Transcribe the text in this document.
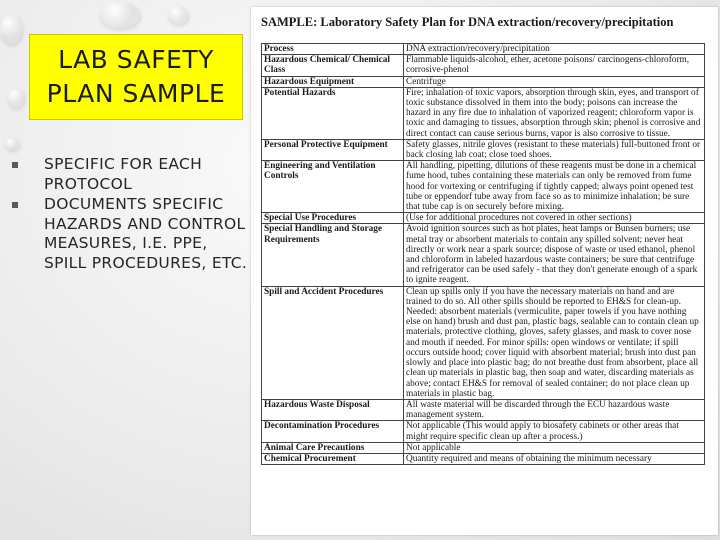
LAB SAFETY
PLAN SAMPLE
SPECIFIC FOR EACH PROTOCOL
DOCUMENTS SPECIFIC HAZARDS AND CONTROL MEASURES, I.E. PPE, SPILL PROCEDURES, ETC.
SAMPLE: Laboratory Safety Plan for DNA extraction/recovery/precipitation
Process	DNA extraction/recovery/precipitation
Hazardous Chemical/ Chemical Class	Flammable liquids-alcohol, ether, acetone poisons/ carcinogens-chloroform, corrosive-phenol
Hazardous Equipment	Centrifuge
Potential Hazards	Fire; inhalation of toxic vapors, absorption through skin, eyes, and transport of toxic substance dissolved in them into the body; poisons can increase the hazard in any fire due to inhalation of vaporized reagent; chloroform vapor is toxic and damaging to tissues, absorption through skin; phenol is corrosive and direct contact can cause serious burns, vapor is also corrosive to tissue.
Personal Protective Equipment	Safety glasses, nitrile gloves (resistant to these materials) full-buttoned front or back closing lab coat; close toed shoes.
Engineering and Ventilation Controls	All handling, pipetting, dilutions of these reagents must be done in a chemical fume hood, tubes containing these materials can only be removed from fume hood for vortexing or centrifuging if tightly capped; always point opened test tube or eppendorf tube away from face so as to minimize inhalation; be sure that tube cap is on securely before mixing.
Special Use Procedures	(Use for additional procedures not covered in other sections)
Special Handling and Storage Requirements	Avoid ignition sources such as hot plates, heat lamps or Bunsen burners; use metal tray or absorbent materials to contain any spilled solvent; never heat directly or work near a spark source; dispose of waste or used ethanol, phenol and chloroform in labeled hazardous waste containers; be sure that centrifuge and refrigerator can be used safely - that they don't generate enough of a spark to ignite reagent.
Spill and Accident Procedures	Clean up spills only if you have the necessary materials on hand and are trained to do so. All other spills should be reported to EH&S for clean-up. Needed: absorbent materials (vermiculite, paper towels if you have nothing else on hand) brush and dust pan, plastic bags, sealable can to contain clean up materials, protective clothing, gloves, safety glasses, and mask to cover nose and mouth if needed. For minor spills: open windows or ventilate; if spill occurs outside hood; cover liquid with absorbent material; brush into dust pan slowly and place into plastic bag; do not breathe dust from absorbent, place all clean up materials in plastic bag, then soap and water, discarding materials as above; contact EH&S for removal of sealed container; do not place clean up materials in plastic bag.
Hazardous Waste Disposal	All waste material will be discarded through the ECU hazardous waste management system.
Decontamination Procedures	Not applicable (This would apply to biosafety cabinets or other areas that might require specific clean up after a process.)
Animal Care Precautions	Not applicable
Chemical Procurement	Quantity required and means of obtaining the minimum necessary
